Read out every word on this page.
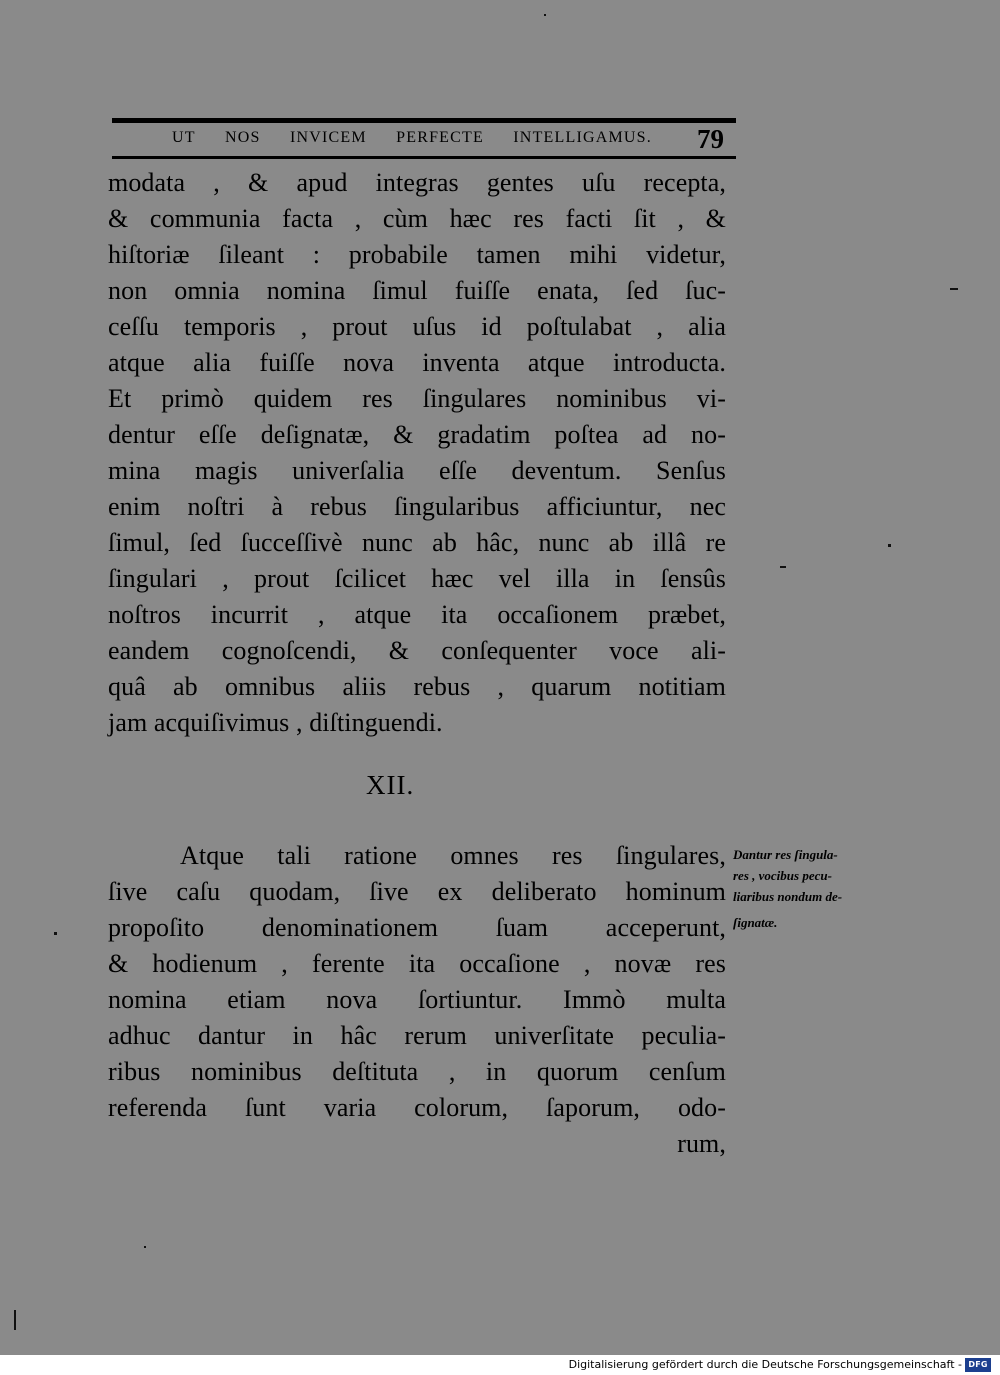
UT NOS INVICEM PERFECTE INTELLIGAMUS. 79
modata , & apud integras gentes uſu recepta,
& communia facta , cùm hæc res facti ſit , &
hiſtoriæ ſileant : probabile tamen mihi videtur,
non omnia nomina ſimul fuiſſe enata, ſed ſuc-
ceſſu temporis , prout uſus id poſtulabat , alia
atque alia fuiſſe nova inventa atque introducta.
Et primò quidem res ſingulares nominibus vi-
dentur eſſe deſignatæ, & gradatim poſtea ad no-
mina magis univerſalia eſſe deventum. Senſus
enim noſtri à rebus ſingularibus afficiuntur, nec
ſimul, ſed ſucceſſivè nunc ab hâc, nunc ab illâ re
ſingulari , prout ſcilicet hæc vel illa in ſensûs
noſtros incurrit , atque ita occaſionem præbet,
eandem cognoſcendi, & conſequenter voce ali-
quâ ab omnibus aliis rebus , quarum notitiam
jam acquiſivimus , diſtinguendi.
XII.
Atque tali ratione omnes res ſingulares,
ſive caſu quodam, ſive ex deliberato hominum
propoſito denominationem ſuam acceperunt,
& hodienum , ferente ita occaſione , novæ res
nomina etiam nova ſortiuntur. Immò multa
adhuc dantur in hâc rerum univerſitate peculia-
ribus nominibus deſtituta , in quorum cenſum
referenda ſunt varia colorum, ſaporum, odo-
rum,
Dantur res ſingula-
res , vocibus pecu-
liaribus nondum de-
ſignatæ.
Digitalisierung gefördert durch die Deutsche Forschungsgemeinschaft - DFG
